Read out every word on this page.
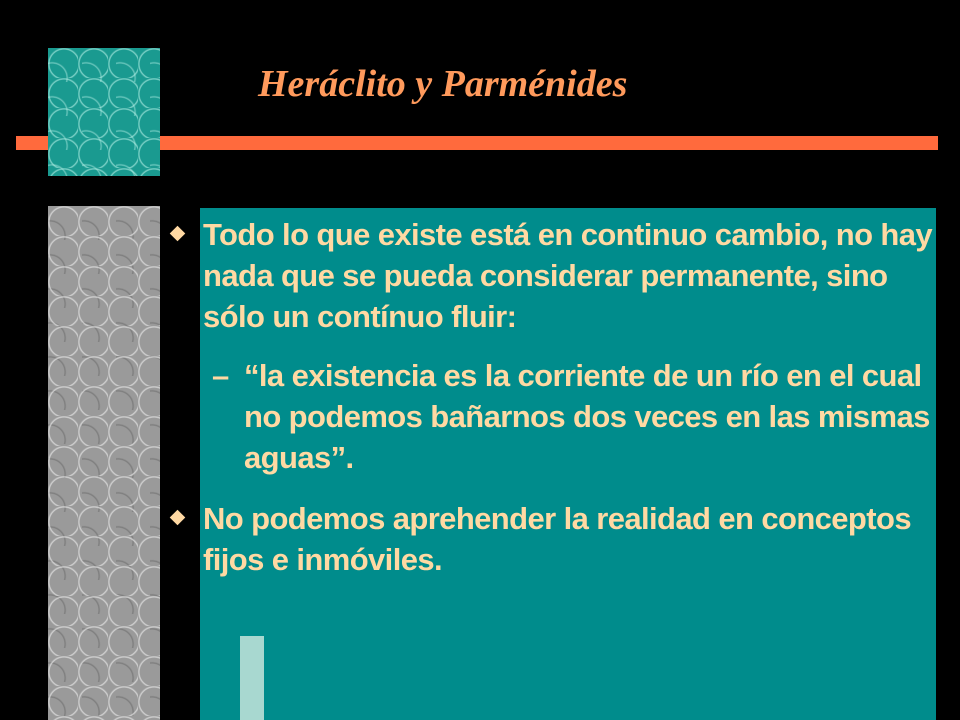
Heráclito y Parménides
Todo lo que existe está en continuo cambio, no hay nada que se pueda considerar permanente, sino sólo un contínuo fluir:
– “la existencia es la corriente de un río en el cual no podemos bañarnos dos veces en las mismas aguas”.
No podemos aprehender la realidad en conceptos fijos e inmóviles.
